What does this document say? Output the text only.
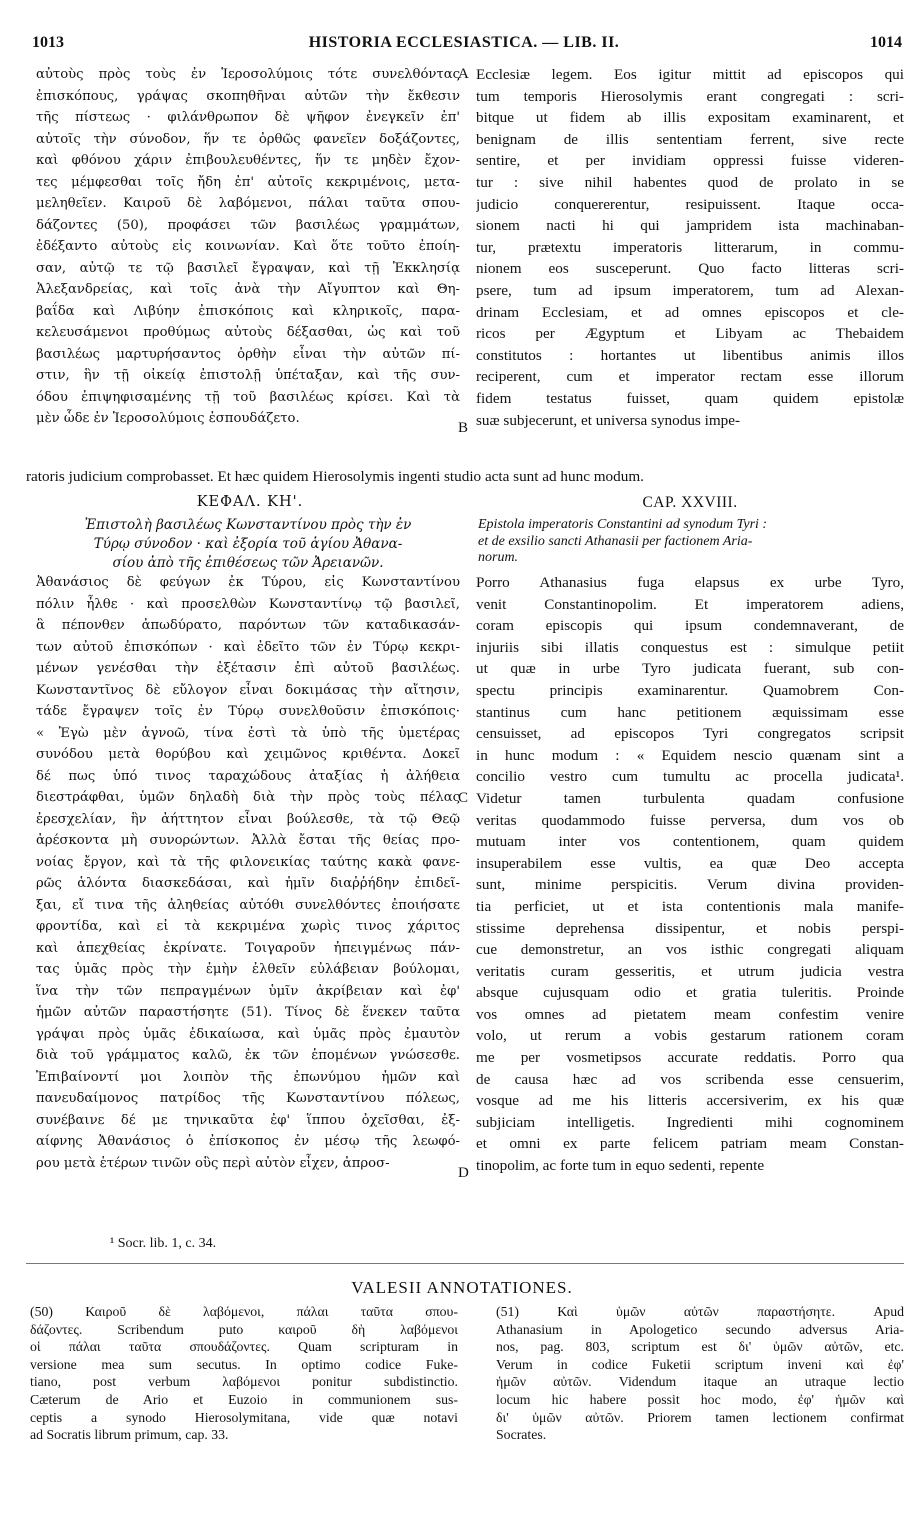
1013	HISTORIA ECCLESIASTICA. — LIB. II.	1014
αὐτοὺς πρὸς τοὺς ἐν Ἱεροσολύμοις τότε συνελθόντας
ἐπισκόπους, γράψας σκοπηθῆναι αὐτῶν τὴν ἔκθεσιν
τῆς πίστεως · φιλάνθρωπον δὲ ψῆφον ἐνεγκεῖν ἐπ'
αὐτοῖς τὴν σύνοδον, ἥν τε ὀρθῶς φανεῖεν δοξάζοντες,
καὶ φθόνου χάριν ἐπιβουλευθέντες, ἥν τε μηδὲν ἔχον-
τες μέμφεσθαι τοῖς ἤδη ἐπ' αὐτοῖς κεκριμένοις, μετα-
μεληθεῖεν. Καιροῦ δὲ λαβόμενοι, πάλαι ταῦτα σπου-
δάζοντες (50), προφάσει τῶν βασιλέως γραμμάτων,
ἐδέξαντο αὐτοὺς εἰς κοινωνίαν. Καὶ ὅτε τοῦτο ἐποίη-
σαν, αὐτῷ τε τῷ βασιλεῖ ἔγραψαν, καὶ τῇ Ἐκκλησίᾳ
Ἀλεξανδρείας, καὶ τοῖς ἀνὰ τὴν Αἴγυπτον καὶ Θη-
βαΐδα καὶ Λιβύην ἐπισκόποις καὶ κληρικοῖς, παρα-
κελευσάμενοι προθύμως αὐτοὺς δέξασθαι, ὡς καὶ τοῦ
βασιλέως μαρτυρήσαντος ὀρθὴν εἶναι τὴν αὐτῶν πί-
στιν, ἣν τῇ οἰκείᾳ ἐπιστολῇ ὑπέταξαν, καὶ τῆς συν-
όδου ἐπιψηφισαμένης τῇ τοῦ βασιλέως κρίσει. Καὶ τὰ
μὲν ὧδε ἐν Ἱεροσολύμοις ἐσπουδάζετο.
Ecclesiæ legem. Eos igitur mittit ad episcopos qui
tum temporis Hierosolymis erant congregati : scri-
bitque ut fidem ab illis expositam examinarent, et
benignam de illis sententiam ferrent, sive recte
sentire, et per invidiam oppressi fuisse videren-
tur : sive nihil habentes quod de prolato in se
judicio conquererentur, resipuissent. Itaque occa-
sionem nacti hi qui jampridem ista machinaban-
tur, prætextu imperatoris litterarum, in commu-
nionem eos susceperunt. Quo facto litteras scri-
psere, tum ad ipsum imperatorem, tum ad Alexan-
drinam Ecclesiam, et ad omnes episcopos et cle-
ricos per Ægyptum et Libyam ac Thebaidem
constitutos : hortantes ut libentibus animis illos
reciperent, cum et imperator rectam esse illorum
fidem testatus fuisset, quam quidem epistolæ
suæ subjecerunt, et universa synodus impe-
A
B
C
D
ratoris judicium comprobasset. Et hæc quidem Hierosolymis ingenti studio acta sunt ad hunc modum.
ΚΕΦΑΛ. ΚΗ'.	CAP. XXVIII.
Ἐπιστολὴ βασιλέως Κωνσταντίνου πρὸς τὴν ἐν
Τύρῳ σύνοδον · καὶ ἐξορία τοῦ ἁγίου Ἀθανα-
σίου ἀπὸ τῆς ἐπιθέσεως τῶν Ἀρειανῶν.
Epistola imperatoris Constantini ad synodum Tyri :
et de exsilio sancti Athanasii per factionem Aria-
norum.
Ἀθανάσιος δὲ φεύγων ἐκ Τύρου, εἰς Κωνσταντίνου
πόλιν ἦλθε · καὶ προσελθὼν Κωνσταντίνῳ τῷ βασιλεῖ,
ἃ πέπονθεν ἀπωδύρατο, παρόντων τῶν καταδικασάν-
των αὐτοῦ ἐπισκόπων · καὶ ἐδεῖτο τῶν ἐν Τύρῳ κεκρι-
μένων γενέσθαι τὴν ἐξέτασιν ἐπὶ αὐτοῦ βασιλέως.
Κωνσταντῖνος δὲ εὔλογον εἶναι δοκιμάσας τὴν αἴτησιν,
τάδε ἔγραψεν τοῖς ἐν Τύρῳ συνελθοῦσιν ἐπισκόποις·
« Ἐγὼ μὲν ἀγνοῶ, τίνα ἐστὶ τὰ ὑπὸ τῆς ὑμετέρας
συνόδου μετὰ θορύβου καὶ χειμῶνος κριθέντα. Δοκεῖ
δέ πως ὑπό τινος ταραχώδους ἀταξίας ἡ ἀλήθεια
διεστράφθαι, ὑμῶν δηλαδὴ διὰ τὴν πρὸς τοὺς πέλας
ἐρεσχελίαν, ἣν ἀήττητον εἶναι βούλεσθε, τὰ τῷ Θεῷ
ἀρέσκοντα μὴ συνορώντων. Ἀλλὰ ἔσται τῆς θείας προ-
νοίας ἔργον, καὶ τὰ τῆς φιλονεικίας ταύτης κακὰ φανε-
ρῶς ἁλόντα διασκεδάσαι, καὶ ἡμῖν διαῤῥήδην ἐπιδεῖ-
ξαι, εἴ τινα τῆς ἀληθείας αὐτόθι συνελθόντες ἐποιήσατε
φροντίδα, καὶ εἰ τὰ κεκριμένα χωρὶς τινος χάριτος
καὶ ἀπεχθείας ἐκρίνατε. Τοιγαροῦν ἠπειγμένως πάν-
τας ὑμᾶς πρὸς τὴν ἐμὴν ἐλθεῖν εὐλάβειαν βούλομαι,
ἵνα τὴν τῶν πεπραγμένων ὑμῖν ἀκρίβειαν καὶ ἐφ'
ἡμῶν αὐτῶν παραστήσητε (51). Τίνος δὲ ἕνεκεν ταῦτα
γράψαι πρὸς ὑμᾶς ἐδικαίωσα, καὶ ὑμᾶς πρὸς ἐμαυτὸν
διὰ τοῦ γράμματος καλῶ, ἐκ τῶν ἑπομένων γνώσεσθε.
Ἐπιβαίνοντί μοι λοιπὸν τῆς ἐπωνύμου ἡμῶν καὶ
πανευδαίμονος πατρίδος τῆς Κωνσταντίνου πόλεως,
συνέβαινε δέ με τηνικαῦτα ἐφ' ἵππου ὀχεῖσθαι, ἐξ-
αίφνης Ἀθανάσιος ὁ ἐπίσκοπος ἐν μέσῳ τῆς λεωφό-
ρου μετὰ ἑτέρων τινῶν οὓς περὶ αὐτὸν εἶχεν, ἀπροσ-
Porro Athanasius fuga elapsus ex urbe Tyro,
venit Constantinopolim. Et imperatorem adiens,
coram episcopis qui ipsum condemnaverant, de
injuriis sibi illatis conquestus est : simulque petiit
ut quæ in urbe Tyro judicata fuerant, sub con-
spectu principis examinarentur. Quamobrem Con-
stantinus cum hanc petitionem æquissimam esse
censuisset, ad episcopos Tyri congregatos scripsit
in hunc modum : « Equidem nescio quænam sint a
concilio vestro cum tumultu ac procella judicata¹.
Videtur tamen turbulenta quadam confusione
veritas quodammodo fuisse perversa, dum vos ob
mutuam inter vos contentionem, quam quidem
insuperabilem esse vultis, ea quæ Deo accepta
sunt, minime perspicitis. Verum divina providen-
tia perficiet, ut et ista contentionis mala manife-
stissime deprehensa dissipentur, et nobis perspi-
cue demonstretur, an vos isthic congregati aliquam
veritatis curam gesseritis, et utrum judicia vestra
absque cujusquam odio et gratia tuleritis. Proinde
vos omnes ad pietatem meam confestim venire
volo, ut rerum a vobis gestarum rationem coram
me per vosmetipsos accurate reddatis. Porro qua
de causa hæc ad vos scribenda esse censuerim,
vosque ad me his litteris accersiverim, ex his quæ
subjiciam intelligetis. Ingredienti mihi cognominem
et omni ex parte felicem patriam meam Constan-
tinopolim, ac forte tum in equo sedenti, repente
¹ Socr. lib. 1, c. 34.
VALESII ANNOTATIONES.
(50) Καιροῦ δὲ λαβόμενοι, πάλαι ταῦτα σπου-
δάζοντες. Scribendum puto καιροῦ δὴ λαβόμενοι
οἱ πάλαι ταῦτα σπουδάζοντες. Quam scripturam in
versione mea sum secutus. In optimo codice Fuke-
tiano, post verbum λαβόμενοι ponitur subdistinctio.
Cæterum de Ario et Euzoio in communionem sus-
ceptis a synodo Hierosolymitana, vide quæ notavi
ad Socratis librum primum, cap. 33.
(51) Καὶ ὑμῶν αὐτῶν παραστήσητε. Apud
Athanasium in Apologetico secundo adversus Aria-
nos, pag. 803, scriptum est δι' ὑμῶν αὐτῶν, etc.
Verum in codice Fuketii scriptum inveni καὶ ἐφ'
ἡμῶν αὐτῶν. Videndum itaque an utraque lectio
locum hic habere possit hoc modo, ἐφ' ἡμῶν καὶ
δι' ὑμῶν αὐτῶν. Priorem tamen lectionem confirmat
Socrates.
